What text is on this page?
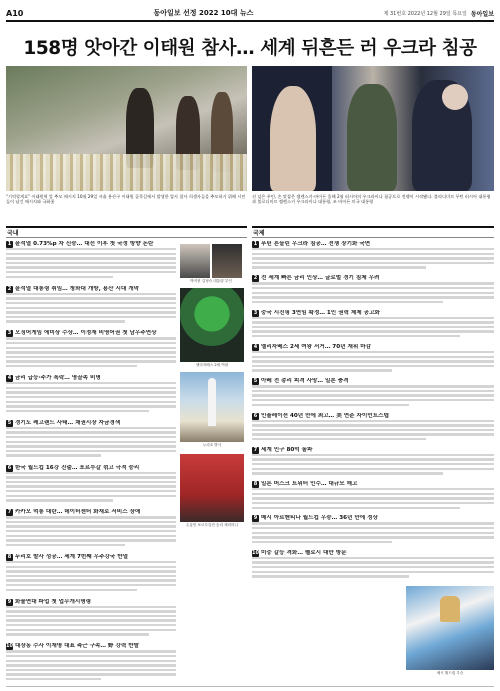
A10	동아일보 선정 2022 10대 뉴스	제 31번호 2022년 12월 29일 목요일 동아일보
158명 앗아간 이태원 참사… 세계 뒤흔든 러 우크라 침공
"기억할게요" 이태원역 앞 추모 메시지 10월 29일 서울 용산구 이태원 골목길에서 발생한 압사 참사 희생자들을 추모하기 위해 시민들이 남긴 메시지와 국화꽃
선 넘은 푸틴, 손 맞잡은 젤렌스키-바이든 올해 2월 러시아의 우크라이나 침공으로 전쟁이 시작됐다. 블라디미르 푸틴 러시아 대통령과 볼로디미르 젤렌스키 우크라이나 대통령, 조 바이든 미국 대통령
국내	국제
박지현 김정숙 대통령 부인
엘리자베스 2세 여왕
누리호 발사
손흥민 포르투갈전 승리 세리머니
메시 월드컵 우승
1 윤석열 0.73%p 차 신승… 대선 이후 첫 국정 방향 논란
2 윤석열 대통령 취임… 청와대 개방, 용산 시대 개막
3 오징어게임 에미상 수상… 이정재 비영어권 첫 남우주연상
4 금리 급등·주가 폭락… 영끌족 비명
5 경기도 레고랜드 사태… 채권시장 자금경색
6 한국 월드컵 16강 진출… 포르투갈 꺾고 극적 승리
7 카카오 먹통 대란… 데이터센터 화재로 서비스 장애
8 누리호 발사 성공… 세계 7번째 우주강국 반열
9 화물연대 파업 첫 업무개시명령
10 대장동 수사 이재명 대표 측근 구속… 野 강력 반발
1 푸틴 흔들린 우크라 침공… 전쟁 장기화 국면
2 전 세계 빠른 금리 인상… 글로벌 경기 침체 우려
3 중국 시진핑 3연임 확정… 1인 권력 체제 공고화
4 엘리자베스 2세 여왕 서거… 70년 재위 마감
5 아베 전 총리 피격 사망… 일본 충격
6 인플레이션 40년 만에 최고… 美 연준 자이언트스텝
7 세계 인구 80억 돌파
8 일론 머스크 트위터 인수… 대규모 해고
9 메시 아르헨티나 월드컵 우승… 36년 만에 정상
10 미중 갈등 격화… 펠로시 대만 방문
